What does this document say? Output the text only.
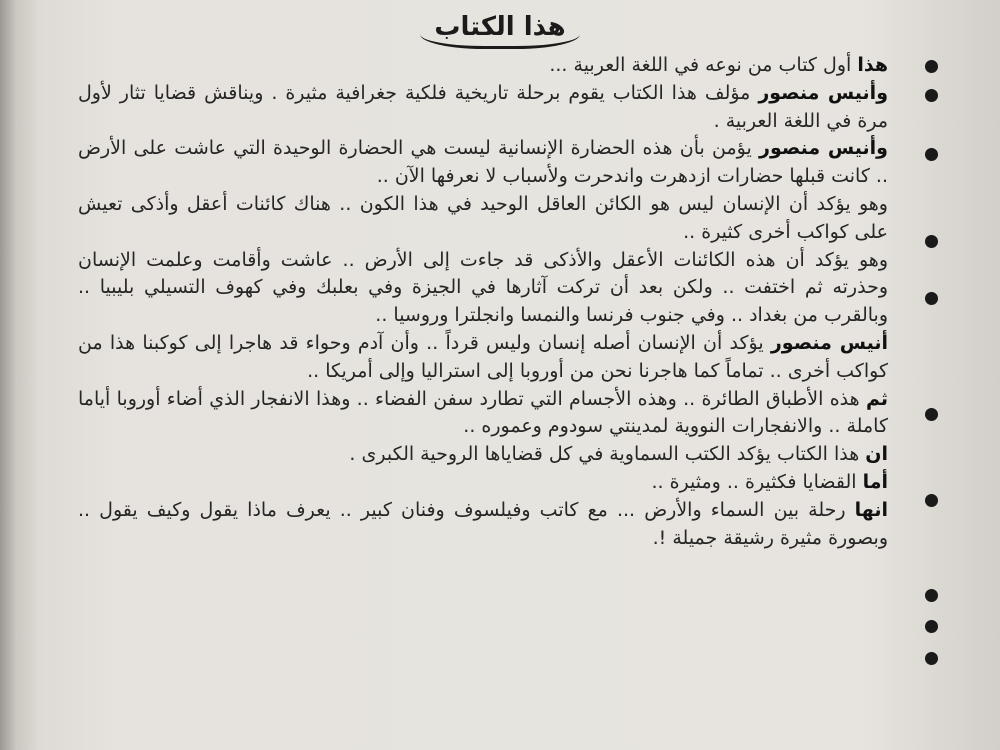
هذا الكتاب

هذا أول كتاب من نوعه في اللغة العربية ...

وأنيس منصور مؤلف هذا الكتاب يقوم برحلة تاريخية فلكية جغرافية مثيرة . ويناقش قضايا تثار لأول مرة في اللغة العربية .

وأنيس منصور يؤمن بأن هذه الحضارة الإنسانية ليست هي الحضارة الوحيدة التي عاشت على الأرض .. كانت قبلها حضارات ازدهرت واندحرت ولأسباب لا نعرفها الآن ..

وهو يؤكد أن الإنسان ليس هو الكائن العاقل الوحيد في هذا الكون .. هناك كائنات أعقل وأذكى تعيش على كواكب أخرى كثيرة ..

وهو يؤكد أن هذه الكائنات الأعقل والأذكى قد جاءت إلى الأرض .. عاشت وأقامت وعلمت الإنسان وحذرته ثم اختفت .. ولكن بعد أن تركت آثارها في الجيزة وفي بعلبك وفي كهوف التسيلي بليبيا .. وبالقرب من بغداد .. وفي جنوب فرنسا والنمسا وانجلترا وروسيا ..

أنيس منصور يؤكد أن الإنسان أصله إنسان وليس قرداً .. وأن آدم وحواء قد هاجرا إلى كوكبنا هذا من كواكب أخرى .. تماماً كما هاجرنا نحن من أوروبا إلى استراليا وإلى أمريكا ..

ثم هذه الأطباق الطائرة .. وهذه الأجسام التي تطارد سفن الفضاء .. وهذا الانفجار الذي أضاء أوروبا أياما كاملة .. والانفجارات النووية لمدينتي سودوم وعموره ..

ان هذا الكتاب يؤكد الكتب السماوية في كل قضاياها الروحية الكبرى .

أما القضايا فكثيرة .. ومثيرة ..

انها رحلة بين السماء والأرض ... مع كاتب وفيلسوف وفنان كبير .. يعرف ماذا يقول وكيف يقول .. وبصورة مثيرة رشيقة جميلة !.
